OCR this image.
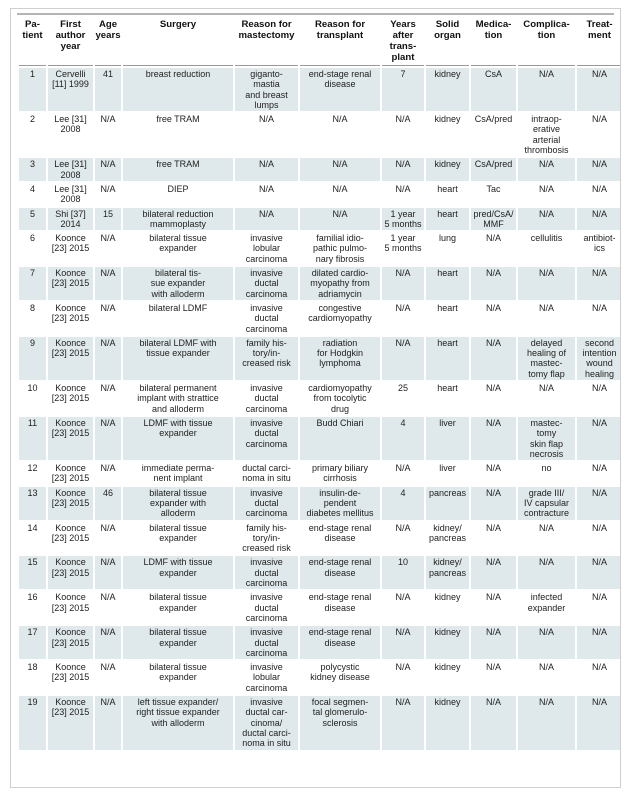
Pa-
tient	First
author
year	Age
years	Surgery	Reason for
mastectomy	Reason for
transplant	Years
after
trans-
plant	Solid
organ	Medica-
tion	Complica-
tion	Treat-
ment
1	Cervelli
[11] 1999	41	breast reduction	giganto-
mastia
and breast
lumps	end-stage renal
disease	7	kidney	CsA	N/A	N/A
2	Lee [31]
2008	N/A	free TRAM	N/A	N/A	N/A	kidney	CsA/pred	intraop-
erative
arterial
thrombosis	N/A
3	Lee [31]
2008	N/A	free TRAM	N/A	N/A	N/A	kidney	CsA/pred	N/A	N/A
4	Lee [31]
2008	N/A	DIEP	N/A	N/A	N/A	heart	Tac	N/A	N/A
5	Shi [37]
2014	15	bilateral reduction
mammoplasty	N/A	N/A	1 year
5 months	heart	pred/CsA/
MMF	N/A	N/A
6	Koonce
[23] 2015	N/A	bilateral tissue
expander	invasive
lobular
carcinoma	familial idio-
pathic pulmo-
nary fibrosis	1 year
5 months	lung	N/A	cellulitis	antibiot-
ics
7	Koonce
[23] 2015	N/A	bilateral tis-
sue expander
with alloderm	invasive
ductal
carcinoma	dilated cardio-
myopathy from
adriamycin	N/A	heart	N/A	N/A	N/A
8	Koonce
[23] 2015	N/A	bilateral LDMF	invasive
ductal
carcinoma	congestive
cardiomyopathy	N/A	heart	N/A	N/A	N/A
9	Koonce
[23] 2015	N/A	bilateral LDMF with
tissue expander	family his-
tory/in-
creased risk	radiation
for Hodgkin
lymphoma	N/A	heart	N/A	delayed
healing of
mastec-
tomy flap	second
intention
wound
healing
10	Koonce
[23] 2015	N/A	bilateral permanent
implant with strattice
and alloderm	invasive
ductal
carcinoma	cardiomyopathy
from tocolytic
drug	25	heart	N/A	N/A	N/A
11	Koonce
[23] 2015	N/A	LDMF with tissue
expander	invasive
ductal
carcinoma	Budd Chiari	4	liver	N/A	mastec-
tomy
skin flap
necrosis	N/A
12	Koonce
[23] 2015	N/A	immediate perma-
nent implant	ductal carci-
noma in situ	primary biliary
cirrhosis	N/A	liver	N/A	no	N/A
13	Koonce
[23] 2015	46	bilateral tissue
expander with
alloderm	invasive
ductal
carcinoma	insulin-de-
pendent
diabetes mellitus	4	pancreas	N/A	grade III/
IV capsular
contracture	N/A
14	Koonce
[23] 2015	N/A	bilateral tissue
expander	family his-
tory/in-
creased risk	end-stage renal
disease	N/A	kidney/
pancreas	N/A	N/A	N/A
15	Koonce
[23] 2015	N/A	LDMF with tissue
expander	invasive
ductal
carcinoma	end-stage renal
disease	10	kidney/
pancreas	N/A	N/A	N/A
16	Koonce
[23] 2015	N/A	bilateral tissue
expander	invasive
ductal
carcinoma	end-stage renal
disease	N/A	kidney	N/A	infected
expander	N/A
17	Koonce
[23] 2015	N/A	bilateral tissue
expander	invasive
ductal
carcinoma	end-stage renal
disease	N/A	kidney	N/A	N/A	N/A
18	Koonce
[23] 2015	N/A	bilateral tissue
expander	invasive
lobular
carcinoma	polycystic
kidney disease	N/A	kidney	N/A	N/A	N/A
19	Koonce
[23] 2015	N/A	left tissue expander/
right tissue expander
with alloderm	invasive
ductal car-
cinoma/
ductal carci-
noma in situ	focal segmen-
tal glomerulo-
sclerosis	N/A	kidney	N/A	N/A	N/A
